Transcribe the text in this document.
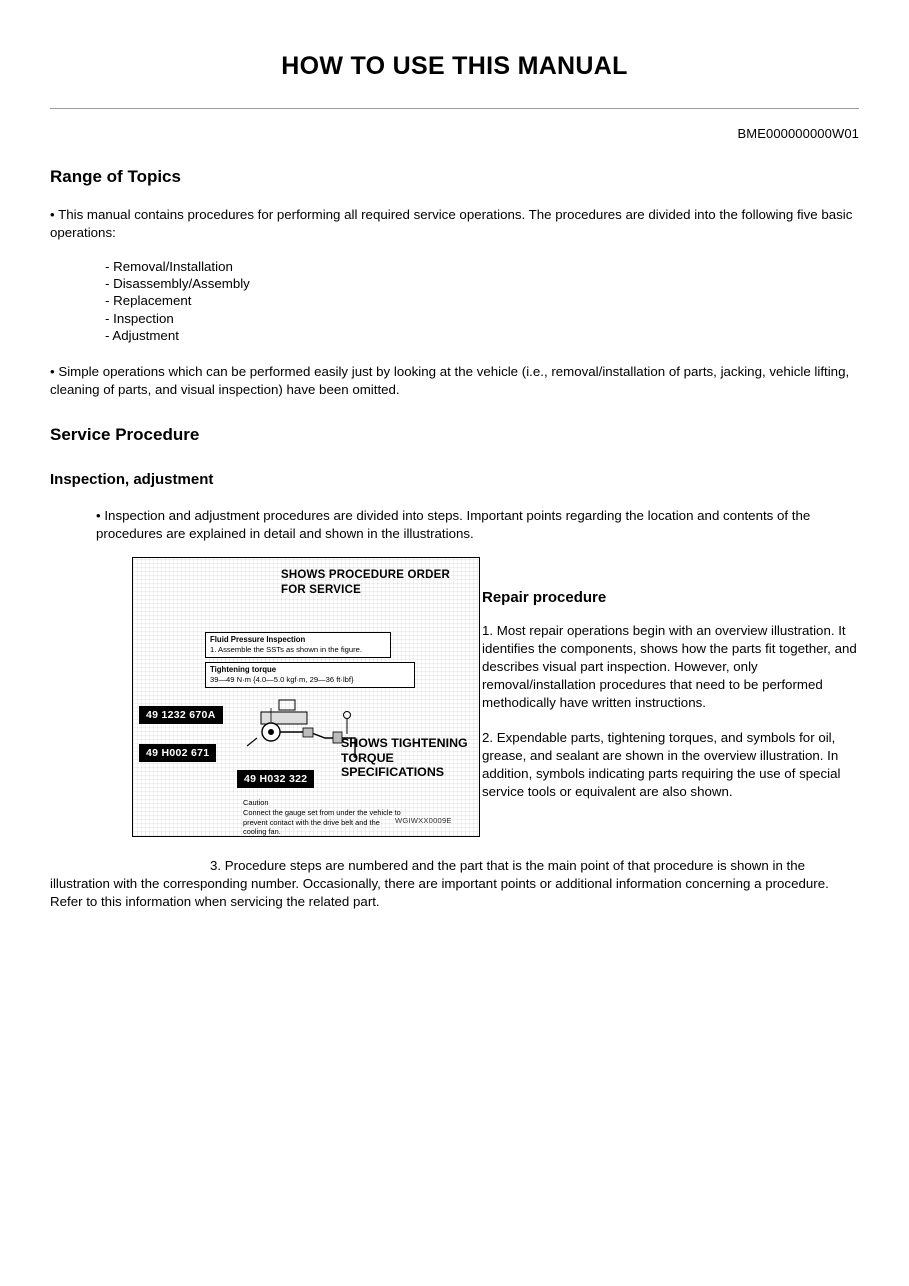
HOW TO USE THIS MANUAL
BME000000000W01
Range of Topics

• This manual contains procedures for performing all required service operations. The procedures are divided into the following five basic operations:

- Removal/Installation
- Disassembly/Assembly
- Replacement
- Inspection
- Adjustment

• Simple operations which can be performed easily just by looking at the vehicle (i.e., removal/installation of parts, jacking, vehicle lifting, cleaning of parts, and visual inspection) have been omitted.

Service Procedure
Inspection, adjustment

• Inspection and adjustment procedures are divided into steps. Important points regarding the location and contents of the procedures are explained in detail and shown in the illustrations.

SHOWS PROCEDURE ORDER FOR SERVICE
Fluid Pressure Inspection
1. Assemble the SSTs as shown in the figure.
Tightening torque
39—49 N·m {4.0—5.0 kgf·m, 29—36 ft·lbf}
49 1232 670A
49 H002 671
49 H032 322
SHOWS TIGHTENING TORQUE SPECIFICATIONS
Caution
Connect the gauge set from under the vehicle to prevent contact with the drive belt and the cooling fan.
WGIWXX0009E
Repair procedure

1. Most repair operations begin with an overview illustration. It identifies the components, shows how the parts fit together, and describes visual part inspection. However, only removal/installation procedures that need to be performed methodically have written instructions.

2. Expendable parts, tightening torques, and symbols for oil, grease, and sealant are shown in the overview illustration. In addition, symbols indicating parts requiring the use of special service tools or equivalent are also shown.

3. Procedure steps are numbered and the part that is the main point of that procedure is shown in the illustration with the corresponding number. Occasionally, there are important points or additional information concerning a procedure. Refer to this information when servicing the related part.
